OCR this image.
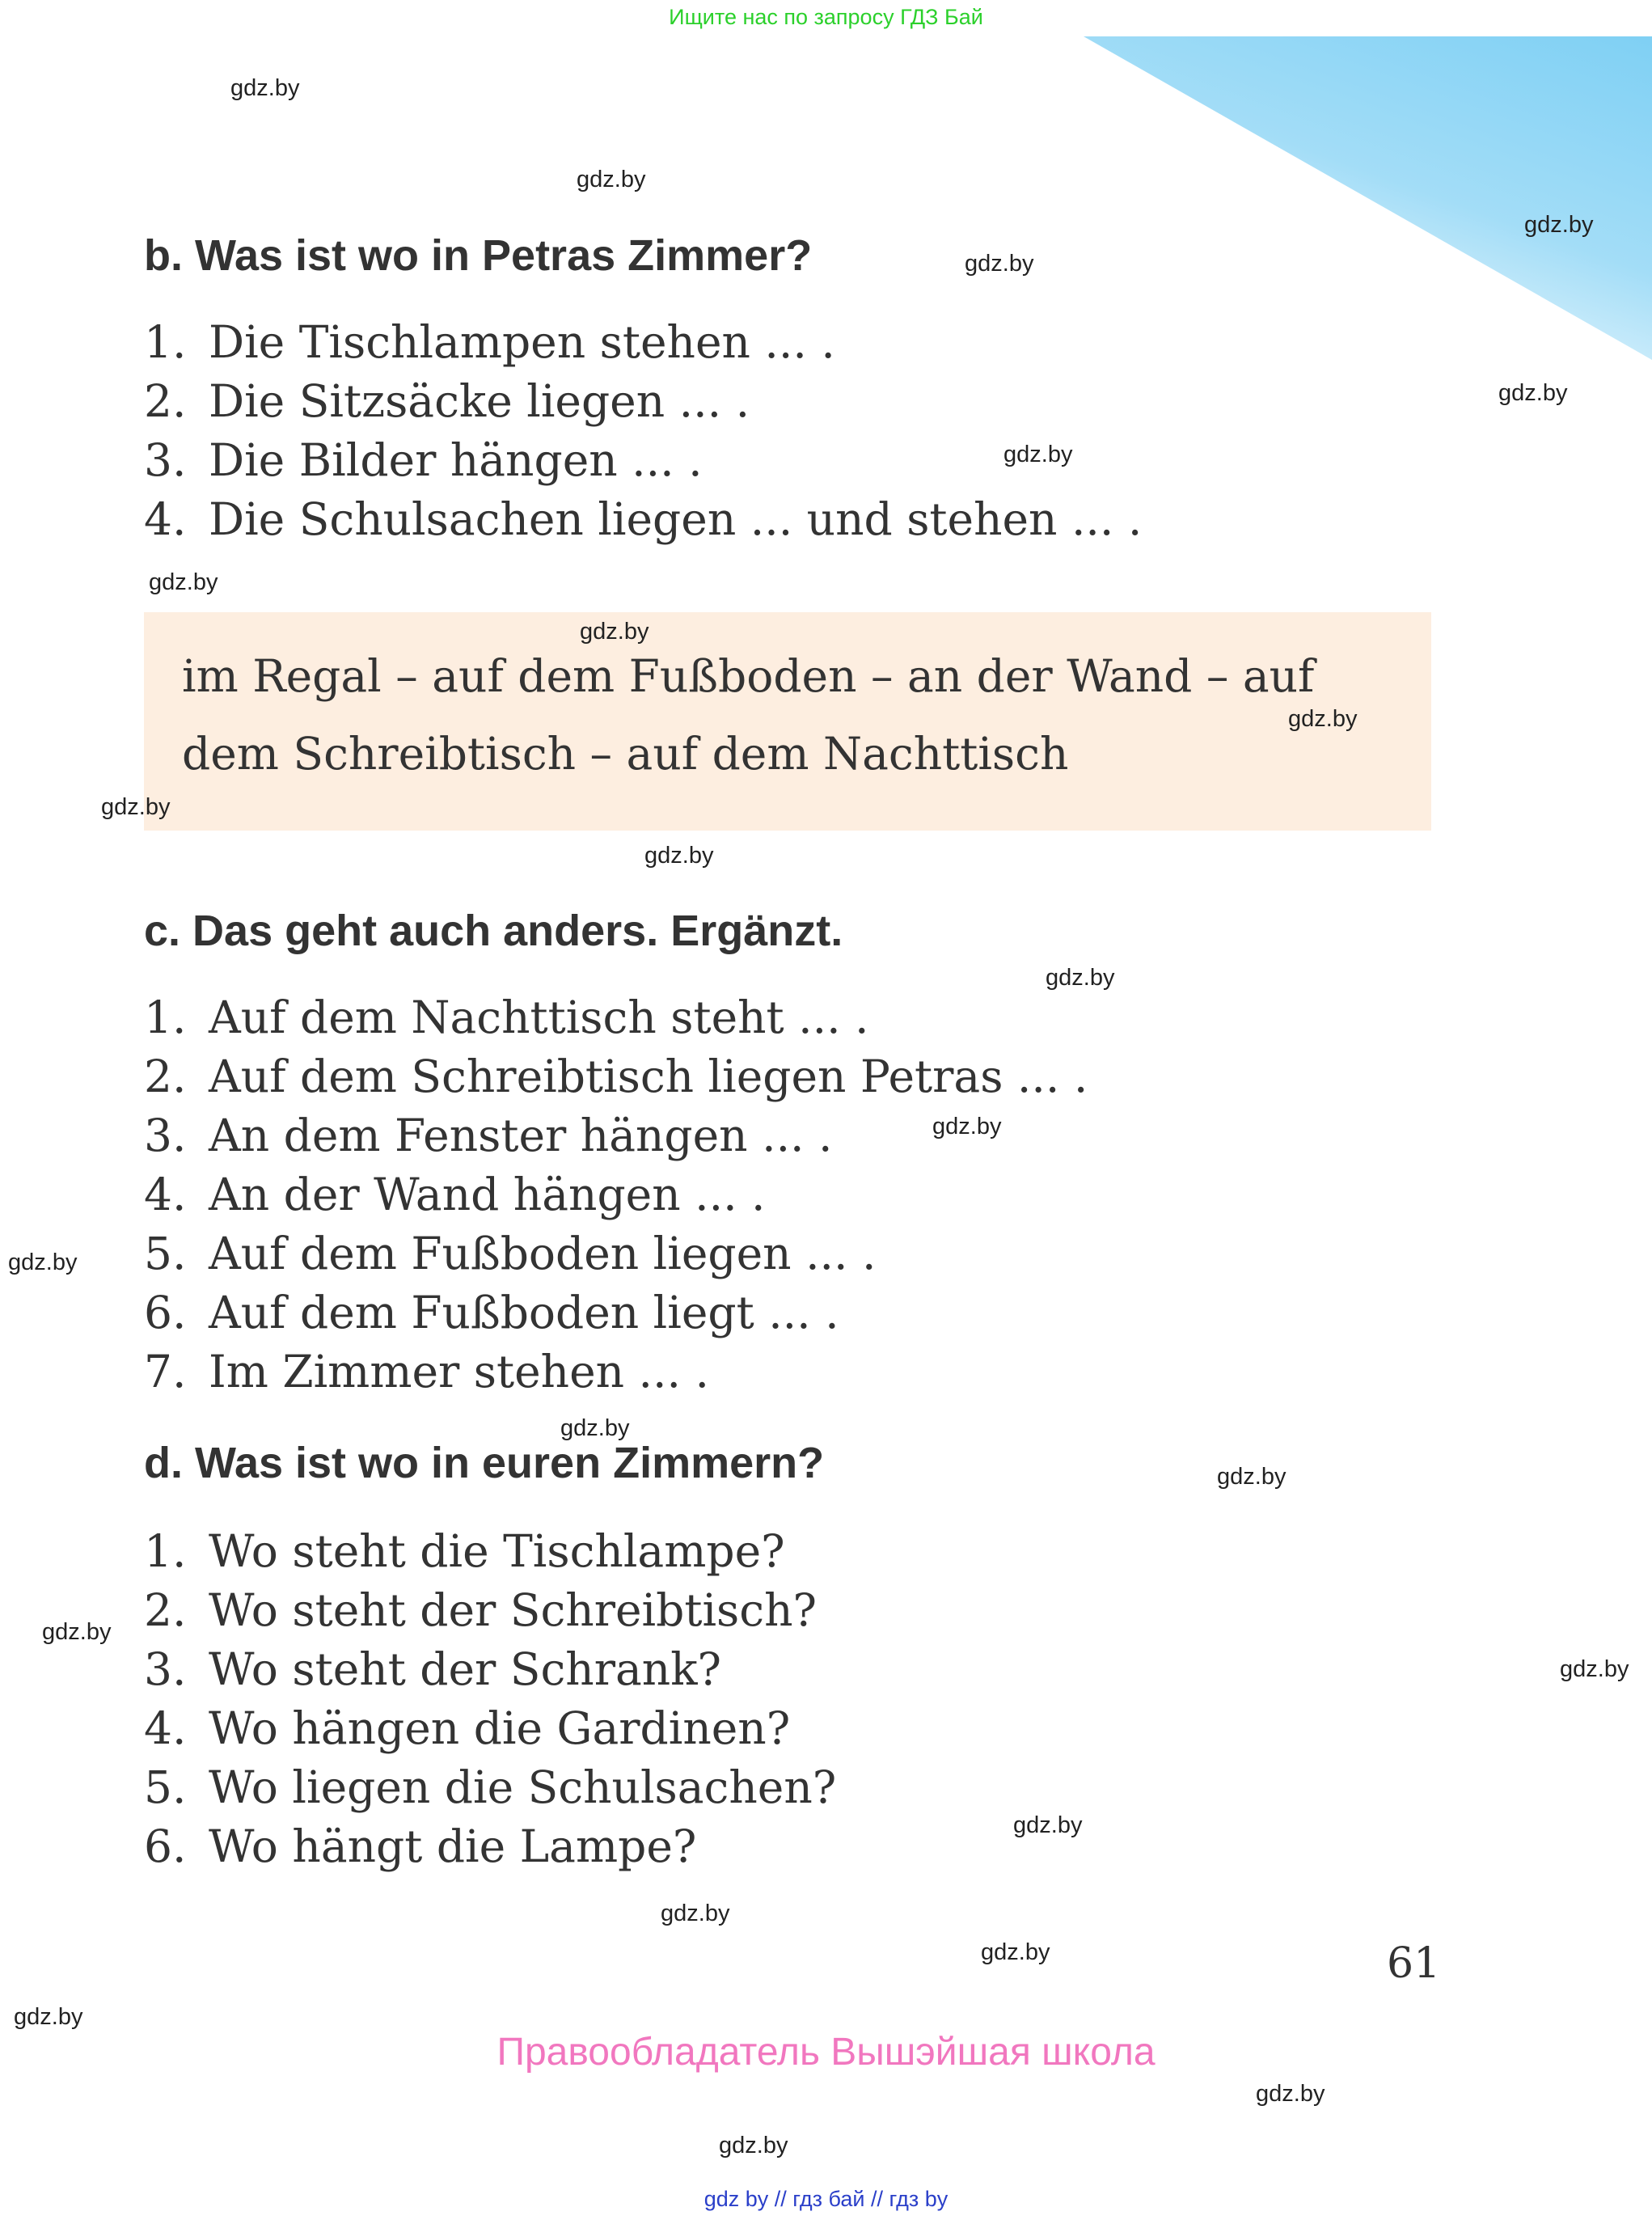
Ищите нас по запросу ГДЗ Бай
b. Was ist wo in Petras Zimmer?
1. Die Tischlampen stehen ... .
2. Die Sitzsäcke liegen ... .
3. Die Bilder hängen ... .
4. Die Schulsachen liegen ... und stehen ... .
im Regal – auf dem Fußboden – an der Wand – auf
dem Schreibtisch – auf dem Nachttisch
c. Das geht auch anders. Ergänzt.
1. Auf dem Nachttisch steht ... .
2. Auf dem Schreibtisch liegen Petras ... .
3. An dem Fenster hängen ... .
4. An der Wand hängen ... .
5. Auf dem Fußboden liegen ... .
6. Auf dem Fußboden liegt ... .
7. Im Zimmer stehen ... .
d. Was ist wo in euren Zimmern?
1. Wo steht die Tischlampe?
2. Wo steht der Schreibtisch?
3. Wo steht der Schrank?
4. Wo hängen die Gardinen?
5. Wo liegen die Schulsachen?
6. Wo hängt die Lampe?
61
Правообладатель Вышэйшая школа
gdz by // гдз бай // гдз by
gdz.by
gdz.by
gdz.by
gdz.by
gdz.by
gdz.by
gdz.by
gdz.by
gdz.by
gdz.by
gdz.by
gdz.by
gdz.by
gdz.by
gdz.by
gdz.by
gdz.by
gdz.by
gdz.by
gdz.by
gdz.by
gdz.by
gdz.by
gdz.by
